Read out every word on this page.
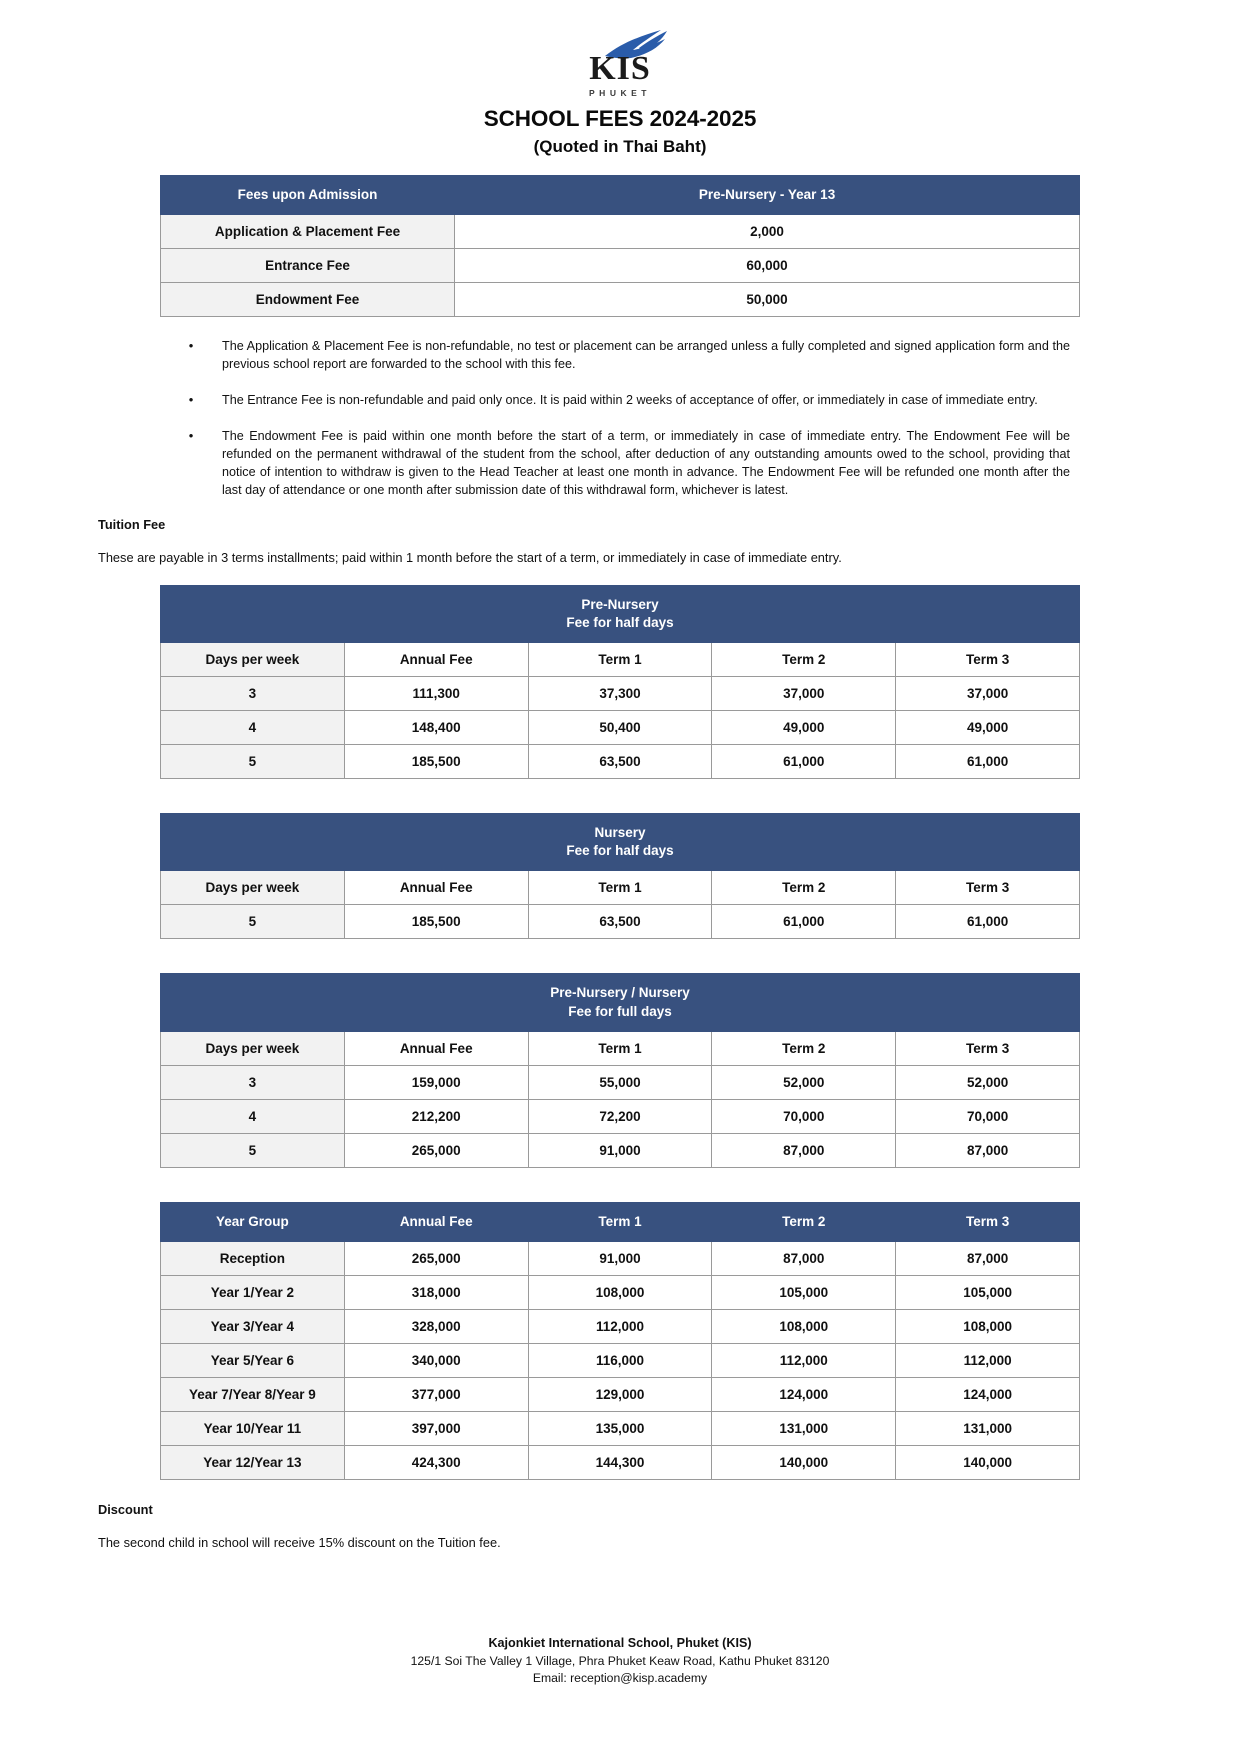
KIS
PHUKET
SCHOOL FEES 2024-2025
(Quoted in Thai Baht)
Fees upon Admission	Pre-Nursery - Year 13
Application & Placement Fee	2,000
Entrance Fee	60,000
Endowment Fee	50,000
•	The Application & Placement Fee is non-refundable, no test or placement can be arranged unless a fully completed and signed application form and the previous school report are forwarded to the school with this fee.
•	The Entrance Fee is non-refundable and paid only once. It is paid within 2 weeks of acceptance of offer, or immediately in case of immediate entry.
•	The Endowment Fee is paid within one month before the start of a term, or immediately in case of immediate entry. The Endowment Fee will be refunded on the permanent withdrawal of the student from the school, after deduction of any outstanding amounts owed to the school, providing that notice of intention to withdraw is given to the Head Teacher at least one month in advance. The Endowment Fee will be refunded one month after the last day of attendance or one month after submission date of this withdrawal form, whichever is latest.
Tuition Fee
These are payable in 3 terms installments; paid within 1 month before the start of a term, or immediately in case of immediate entry.
Pre-Nursery
Fee for half days				

Days per week	Annual Fee	Term 1	Term 2	Term 3
3	111,300	37,300	37,000	37,000
4	148,400	50,400	49,000	49,000
5	185,500	63,500	61,000	61,000
Nursery
Fee for half days				

Days per week	Annual Fee	Term 1	Term 2	Term 3
5	185,500	63,500	61,000	61,000
Pre-Nursery / Nursery
Fee for full days				

Days per week	Annual Fee	Term 1	Term 2	Term 3
3	159,000	55,000	52,000	52,000
4	212,200	72,200	70,000	70,000
5	265,000	91,000	87,000	87,000
Year Group	Annual Fee	Term 1	Term 2	Term 3
Reception	265,000	91,000	87,000	87,000
Year 1/Year 2	318,000	108,000	105,000	105,000
Year 3/Year 4	328,000	112,000	108,000	108,000
Year 5/Year 6	340,000	116,000	112,000	112,000
Year 7/Year 8/Year 9	377,000	129,000	124,000	124,000
Year 10/Year 11	397,000	135,000	131,000	131,000
Year 12/Year 13	424,300	144,300	140,000	140,000
Discount
The second child in school will receive 15% discount on the Tuition fee.
Kajonkiet International School, Phuket (KIS)
125/1 Soi The Valley 1 Village, Phra Phuket Keaw Road, Kathu Phuket 83120
Email: reception@kisp.academy
